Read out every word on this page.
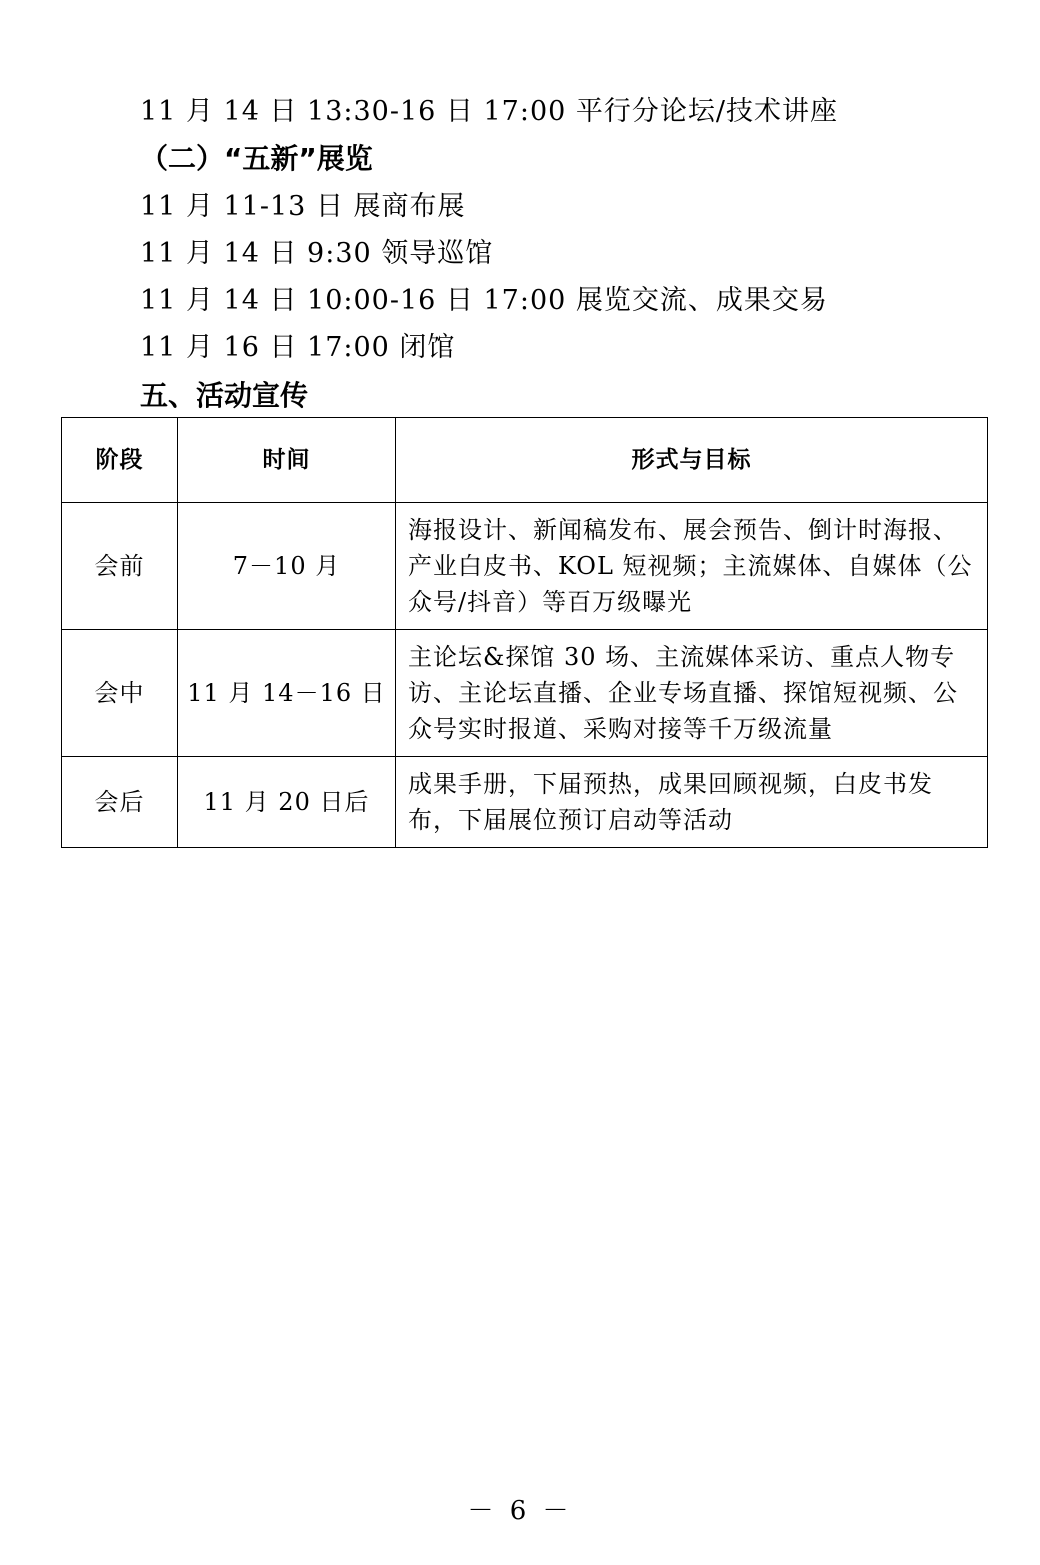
11 月 14 日 13:30-16 日 17:00 平行分论坛/技术讲座
（二）“五新”展览
11 月 11-13 日 展商布展
11 月 14 日 9:30 领导巡馆
11 月 14 日 10:00-16 日 17:00 展览交流、成果交易
11 月 16 日 17:00 闭馆
五、活动宣传
阶段	时间	形式与目标
会前	7－10 月	海报设计、新闻稿发布、展会预告、倒计时海报、产业白皮书、KOL 短视频；主流媒体、自媒体（公众号/抖音）等百万级曝光
会中	11 月 14－16 日	主论坛&探馆 30 场、主流媒体采访、重点人物专访、主论坛直播、企业专场直播、探馆短视频、公众号实时报道、采购对接等千万级流量
会后	11 月 20 日后	成果手册，下届预热，成果回顾视频，白皮书发布，下届展位预订启动等活动
－ 6 －
